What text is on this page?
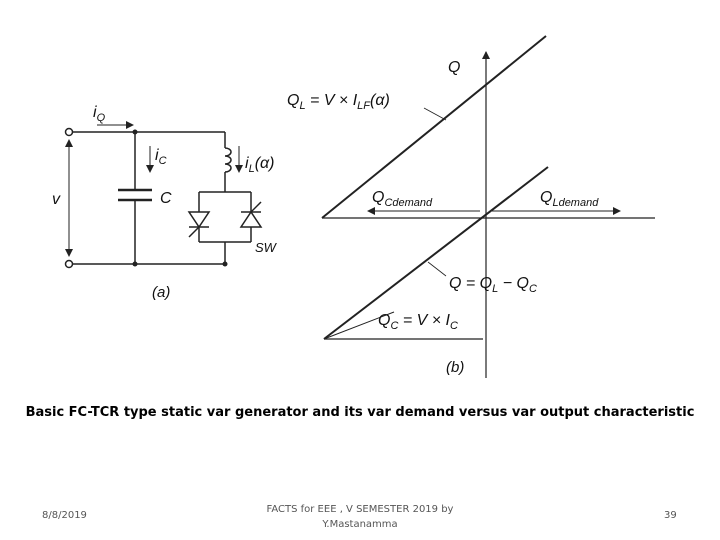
$i_Q$
$i_C$	$i_L(\alpha)$
v	C
SW
(a)
Q
$Q_L = V \times I_{LF}(\alpha)$
$Q_{Cdemand}$	$Q_{Ldemand}$
$Q = Q_L - Q_C$
$Q_C = V \times I_C$
(b)
Basic FC-TCR type static var generator and its var demand versus var output characteristic
8/8/2019
FACTS for EEE , V SEMESTER 2019 by
Y.Mastanamma
39
